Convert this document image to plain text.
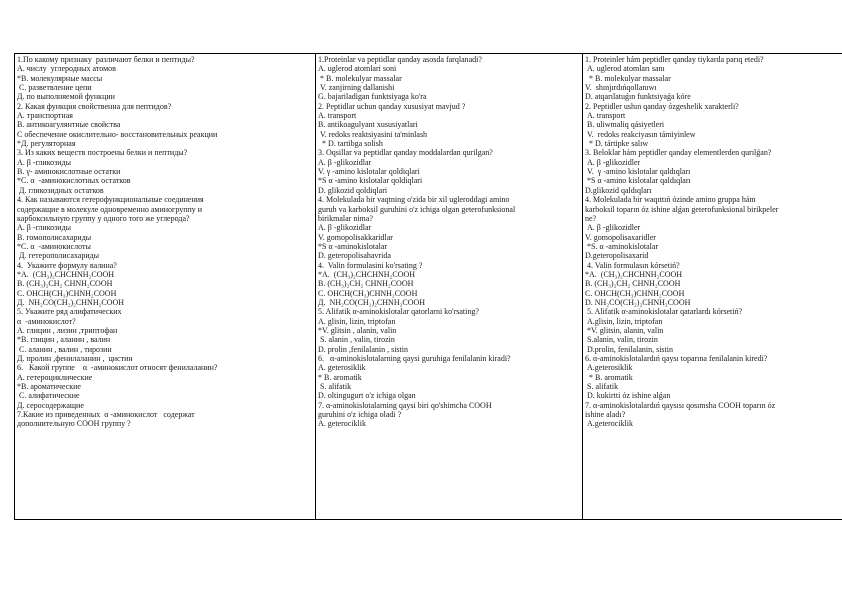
1.По какому признаку  различают белки и пептиды?
А. числу  углеродных атомов
*В. молекулярные массы
С. разветвление цепи
Д. по выполняемой функции
2. Какая функция свойственна для пептидов?
А. транспортная
В. антикоагулянтные свойства
С обеспечение окислительно- восстановительных реакции
*Д. регуляторная
3. Из каких веществ построены белки и пептиды?
А. β -гликозиды
В. γ- аминокислотные остатки
*С. α  -аминокислотных остатков
Д. гликозидных остатков
4. Как называются гетерофункциональные соединения
содержащие в молекуле одновременно аминогруппу и
карбоксильную группу у одного того же углерода?
А. β -гликозиды
В. гомополисахариды
*С. α  -аминокислоты
Д. гетерополисахариды
4.  Укажите формулу валина?
*А.  (CH₃)₂CHCHNH₂COOH
В. (CH₃)₂CH₂ CHNH₂COOH
С. OHCH(CH₃)CHNH₂COOH
Д.  NH₂CO(CH₂)₂CHNH₂COOH
5. Укажите ряд алифатических
α  -аминокислот?
А. глицин , лизин ,триптофан
*В. глицин , аланин , валин
С. аланин , валин , тирозин
Д. пролин ,фенилаланин ,  цистин
6.   Какой группе    α  -аминокислот относят фенилаланин?
А. гетероциклические
*В. ароматические
С. алифатические
Д. серосодержащие
7.Какие из приведенных  α -аминокислот   содержат
дополнительную COOH группу ?

1.Proteinlar va peptidlar qanday asosda farqlanadi?
A. uglerod atomlari soni
* B. molekulyar massalar
V. zanjirning dallanishi
G. bajariladigan funktsiyaga ko'ra
2. Peptidlar uchun qanday xususiyat mavjud ?
A. transport
B. antikoagulyant xususiyatlari
V. redoks reaktsiyasini ta'minlash
* D. tartibga solish
3. Oqsillar va peptidlar qanday moddalardan qurilgan?
A. β -glikozidlar
V. γ -amino kislotalar qoldiqlari
*S α -amino kislotalar qoldiqlari
D. glikozid qoldiqlari
4. Molekulada bir vaqtning o'zida bir xil ugleroddagi amino
guruh va karboksil guruhini o'z ichiga olgan geterofunksional
birikmalar nima?
A. β -glikozidlar
V. gomopolisakkaridlar
*S α -aminokislotalar
D. geteropolisahavrida
4.  Valin formulasini ko'rsating ?
*A.  (CH₃)₂CHCHNH₂COOH
B. (CH₃)₂CH₂ CHNH₂COOH
C. OHCH(CH₃)CHNH₂COOH
Д.  NH₂CO(CH₂)₂CHNH₂COOH
5. Alifatik α-aminokislotalar qatorlarni ko'rsating?
A. glisin, lizin, triptofan
*V. glitsin , alanin, valin
S. alanin , valin, tirozin
D. prolin ,fenilalanin , sistin
6.   α-aminokislotalarning qaysi guruhiga fenilalanin kiradi?
A. geterosiklik
* B. aromatik
S. alifatik
D. oltingugurt o'z ichiga olgan
7. α-aminokislotalarning qaysi biri qo'shimcha COOH
guruhini o'z ichiga oladi ?
A. geterociklik

1. Proteinler hám peptidler qanday tiykarda parıq etedi?
A. uglerod atomları sanı
* B. molekulyar massalar
V.  shınjırdıńqollanıwı
D. atqarılatuǵın funktsiyaǵa kóre
2. Peptidler ushın qanday ózgeshelik xarakterli?
A. transport
B. uliwmaliq qásiyetleri
V.  redoks reakciyasın támiyinlew
* D. tártipke salıw
3. Beloklar hám peptidler qanday elementlerden qurılǵan?
A. β -glikozidler
V.  γ -amino kislotalar qaldıqları
*S α -amino kislotalar qaldıqları
D.glikozid qaldıqları
4. Molekulada bir waqıttıń ózinde amino gruppa hám
karboksil toparın óz ishine alǵan geterofunksional birikpeler
ne?
A. β -glikozidler
V. gomopolisaxaridler
*S. α -aminokislotalar
D.geteropolisaxarid
4. Valin formulasın kórsetiń?
*A.  (CH₃)₂CHCHNH₂COOH
B. (CH₃)₂CH₂ CHNH₂COOH
C. OHCH(CH₃)CHNH₂COOH
D. NH₂CO(CH₂)₂CHNH₂COOH
5. Alifatik α-aminokislotalar qatarlardı kórsetiń?
A.glisin, lizin, triptofan
*V. glitsin, alanin, valin
S.alanin, valin, tirozin
D.prolin, fenilalanin, sistin
6. α-aminokislotalardıń qaysı toparına fenilalanin kiredi?
A.geterosiklik
* B. aromatik
S. alifatik
D. kukirtti óz ishine alǵan
7. α-aminokislotalardıń qaysısı qosımsha COOH toparın óz
ishine aladı?
A.geterociklik
